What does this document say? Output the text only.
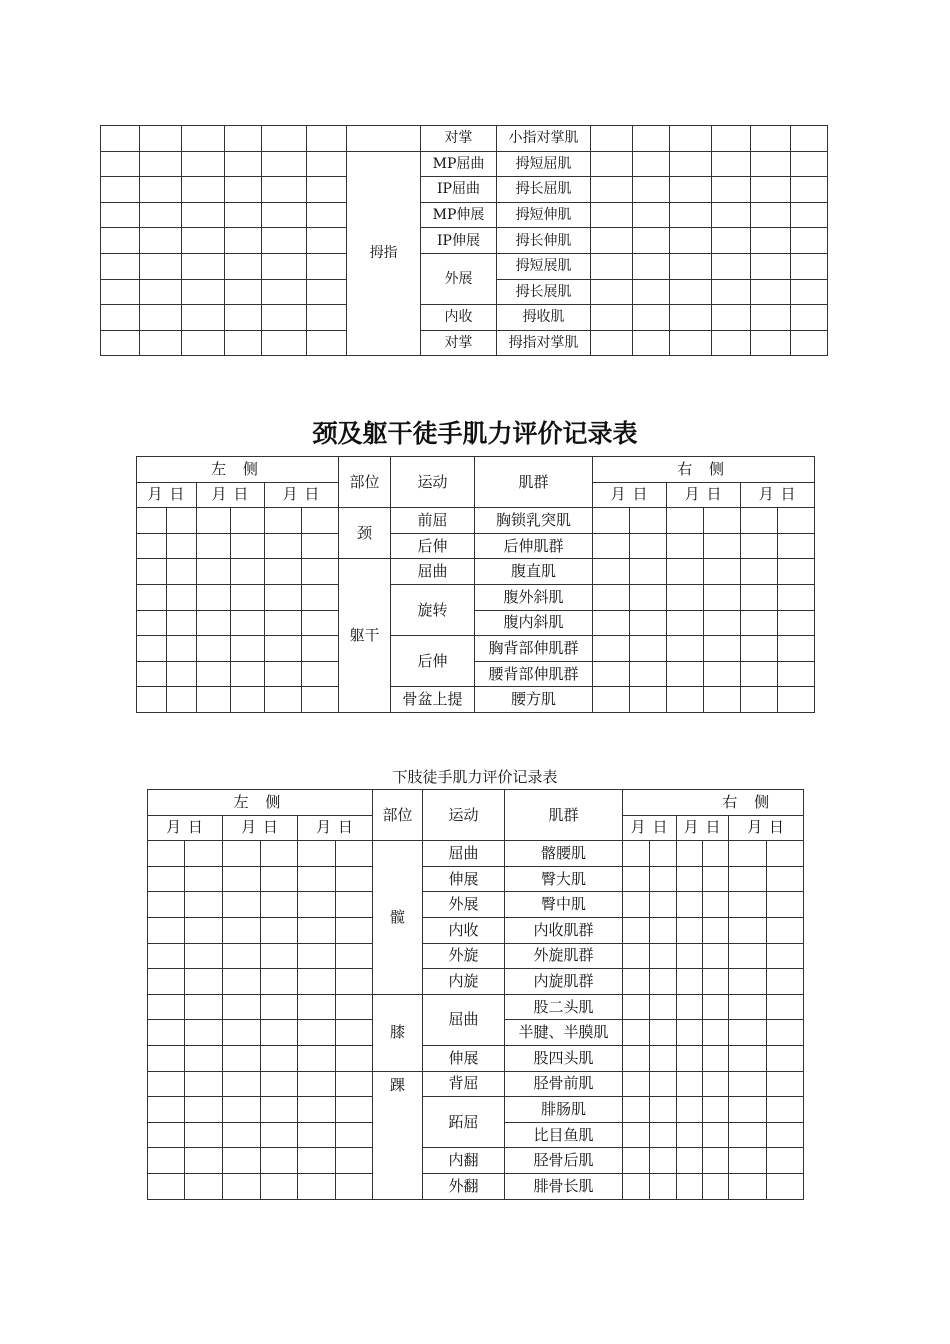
							对掌	小指对掌肌						
						拇指	MP屈曲	拇短屈肌						
							IP屈曲	拇长屈肌						
							MP伸展	拇短伸肌						
							IP伸展	拇长伸肌						
							外展	拇短展肌						
								拇长展肌						
							内收	拇收肌						
							对掌	拇指对掌肌						
颈及躯干徒手肌力评价记录表
左 侧						部位	运动	肌群	右 侧					
月 日		月 日		月 日					月 日		月 日		月 日	
						颈	前屈	胸锁乳突肌						
							后伸	后伸肌群						
						躯干	屈曲	腹直肌						
							旋转	腹外斜肌						
								腹内斜肌						
							后伸	胸背部伸肌群						
								腰背部伸肌群						
							骨盆上提	腰方肌						
下肢徒手肌力评价记录表
左 侧						部位	运动	肌群	右 侧					
月 日		月 日		月 日					月 日		月 日		月 日	
						髋	屈曲	髂腰肌						
							伸展	臀大肌						
							外展	臀中肌						
							内收	内收肌群						
							外旋	外旋肌群						
							内旋	内旋肌群						
						膝	屈曲	股二头肌						
								半腱、半膜肌						
							伸展	股四头肌						
						踝	背屈	胫骨前肌						
							跖屈	腓肠肌						
								比目鱼肌						
							内翻	胫骨后肌						
							外翻	腓骨长肌						
